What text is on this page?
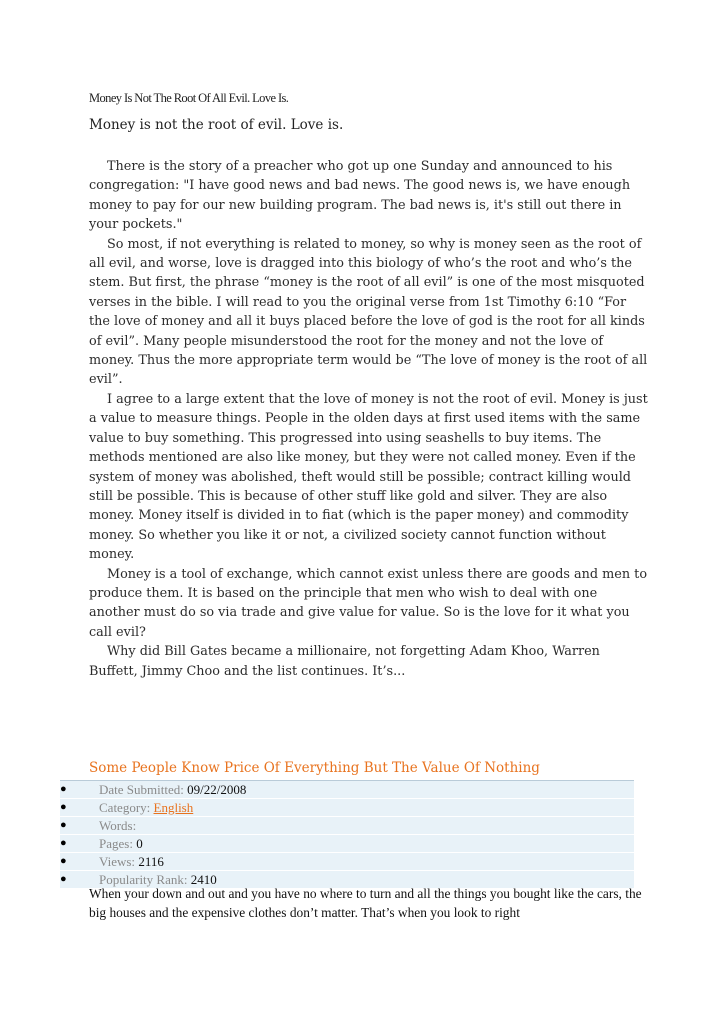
Money Is Not The Root Of All Evil. Love Is.
Money is not the root of evil. Love is.

There is the story of a preacher who got up one Sunday and announced to his congregation: "I have good news and bad news. The good news is, we have enough money to pay for our new building program. The bad news is, it's still out there in your pockets."

So most, if not everything is related to money, so why is money seen as the root of all evil, and worse, love is dragged into this biology of who’s the root and who’s the stem. But first, the phrase “money is the root of all evil” is one of the most misquoted verses in the bible. I will read to you the original verse from 1st Timothy 6:10 “For the love of money and all it buys placed before the love of god is the root for all kinds of evil”. Many people misunderstood the root for the money and not the love of money. Thus the more appropriate term would be “The love of money is the root of all evil”.

I agree to a large extent that the love of money is not the root of evil. Money is just a value to measure things. People in the olden days at first used items with the same value to buy something. This progressed into using seashells to buy items. The methods mentioned are also like money, but they were not called money. Even if the system of money was abolished, theft would still be possible; contract killing would still be possible. This is because of other stuff like gold and silver. They are also money. Money itself is divided in to fiat (which is the paper money) and commodity money. So whether you like it or not, a civilized society cannot function without money.

Money is a tool of exchange, which cannot exist unless there are goods and men to produce them. It is based on the principle that men who wish to deal with one another must do so via trade and give value for value. So is the love for it what you call evil?

Why did Bill Gates became a millionaire, not forgetting Adam Khoo, Warren Buffett, Jimmy Choo and the list continues. It’s...

Some People Know Price Of Everything But The Value Of Nothing
● Date Submitted: 09/22/2008
● Category: English
● Words:
● Pages: 0
● Views: 2116
● Popularity Rank: 2410
When your down and out and you have no where to turn and all the things you bought like the cars, the big houses and the expensive clothes don’t matter. That’s when you look to right
